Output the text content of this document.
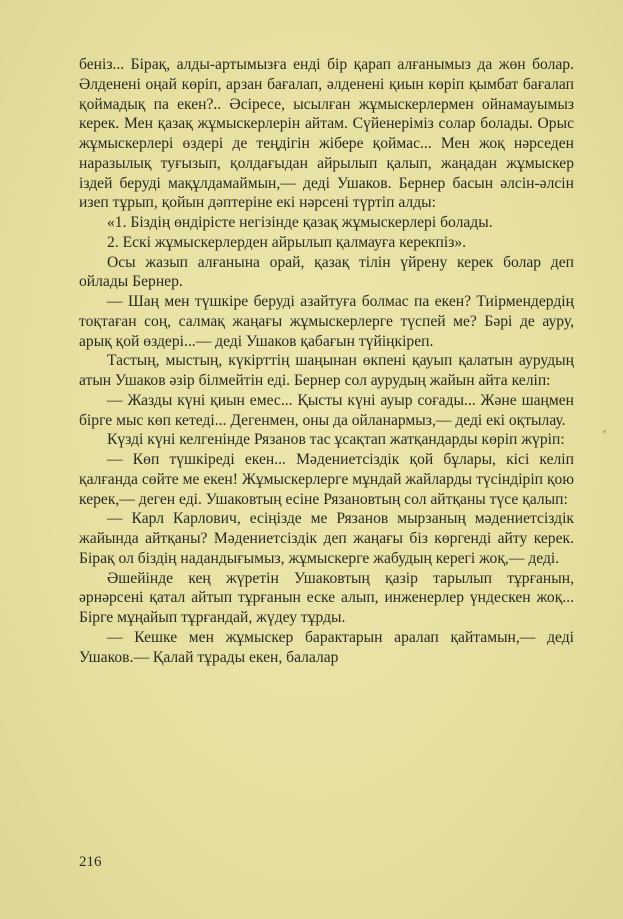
беніз... Бірақ, алды-артымызға енді бір қарап алғанымыз да жөн болар. Әлдененi оңай көріп, арзан бағалап, әлденені қиын көріп қымбат бағалап қоймадық па екен?.. Әсіресе, ысылған жұмыскерлермен ойнамауымыз керек. Мен қазақ жұмыскерлерін айтам. Сүйенеріміз солар болады. Орыс жұмыскерлері өздері де теңдігін жібере қоймас... Мен жоқ нәрседен наразылық туғызып, қолдағыдан айрылып қалып, жаңадан жұмыскер іздей беруді мақұлдамаймын,— деді Ушаков. Бернер басын әлсін-әлсін изеп тұрып, қойын дәптеріне екі нәрсені түртіп алды:

«1. Біздің өндірісте негізінде қазақ жұмыскерлері болады.

2. Ескі жұмыскерлерден айрылып қалмауға керекпіз».

Осы жазып алғанына орай, қазақ тілін үйрену керек болар деп ойлады Бернер.

— Шаң мен түшкіре беруді азайтуға болмас па екен? Тиірмендердің тоқтаған соң, салмақ жаңағы жұмыскерлерге түспей ме? Бәрі де ауру, арық қой өздері...— деді Ушаков қабағын түйіңкіреп.

Тастың, мыстың, күкірттің шаңынан өкпені қауып қалатын аурудың атын Ушаков әзір білмейтін еді. Бернер сол аурудың жайын айта келіп:

— Жазды күні қиын емес... Қысты күні ауыр соғады... Және шаңмен бірге мыс көп кетеді... Дегенмен, оны да ойланармыз,— деді екі оқтылау.

Күзді күні келгенінде Рязанов тас ұсақтап жатқандарды көріп жүріп:

— Көп түшкіреді екен... Мәдениетсіздік қой бұлары, кісі келіп қалғанда сөйте ме екен! Жұмыскерлерге мұндай жайларды түсіндіріп қою керек,— деген еді. Ушаковтың есіне Рязановтың сол айтқаны түсе қалып:

— Карл Карлович, есіңізде ме Рязанов мырзаның мәдениетсіздік жайында айтқаны? Мәдениетсіздік деп жаңағы біз көргенді айту керек. Бірақ ол біздің надандығымыз, жұмыскерге жабудың керегі жоқ,— деді.

Әшейінде кең жүретін Ушаковтың қазір тарылып тұрғанын, әрнәрсені қатал айтып тұрғанын еске алып, инженерлер үндескен жоқ... Бірге мұңайып тұрғандай, жүдеу тұрды.

— Кешке мен жұмыскер барактарын аралап қайтамын,— деді Ушаков.— Қалай тұрады екен, балалар

216
